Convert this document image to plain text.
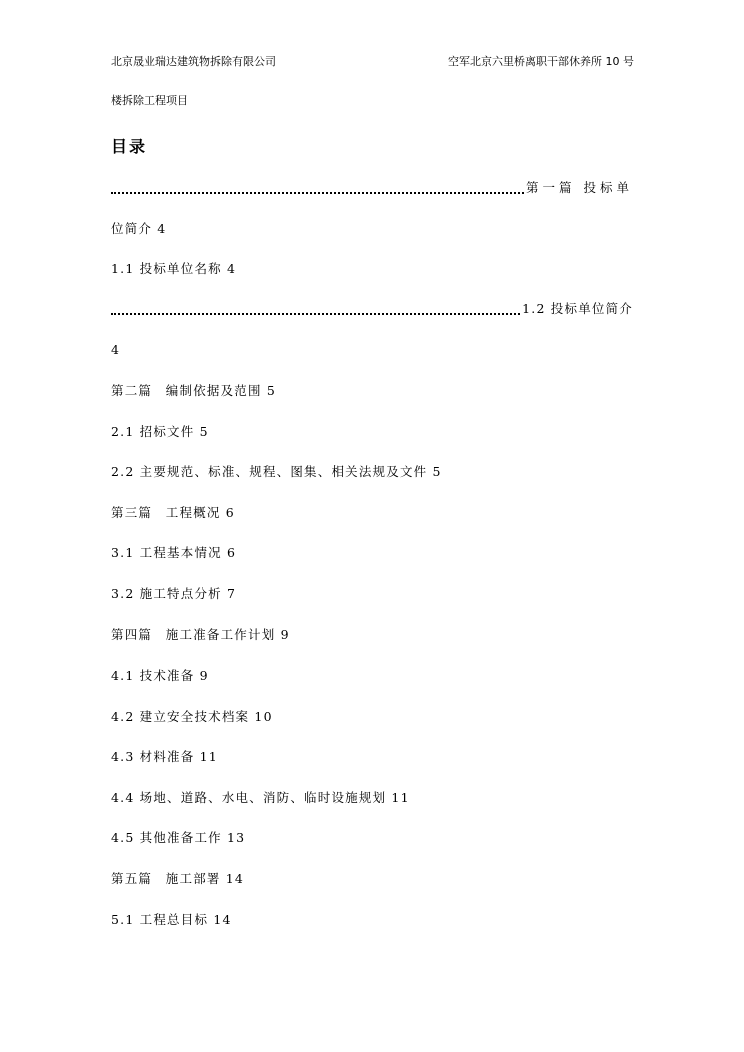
北京晟业瑞达建筑物拆除有限公司	空军北京六里桥离职干部休养所 10 号
楼拆除工程项目
目录
第一篇 投标单
位简介 4
1.1 投标单位名称 4
1.2 投标单位简介
4
第二篇　编制依据及范围 5
2.1 招标文件 5
2.2 主要规范、标准、规程、图集、相关法规及文件 5
第三篇　工程概况 6
3.1 工程基本情况 6
3.2 施工特点分析 7
第四篇　施工准备工作计划 9
4.1 技术准备 9
4.2 建立安全技术档案 10
4.3 材料准备 11
4.4 场地、道路、水电、消防、临时设施规划 11
4.5 其他准备工作 13
第五篇　施工部署 14
5.1 工程总目标 14
